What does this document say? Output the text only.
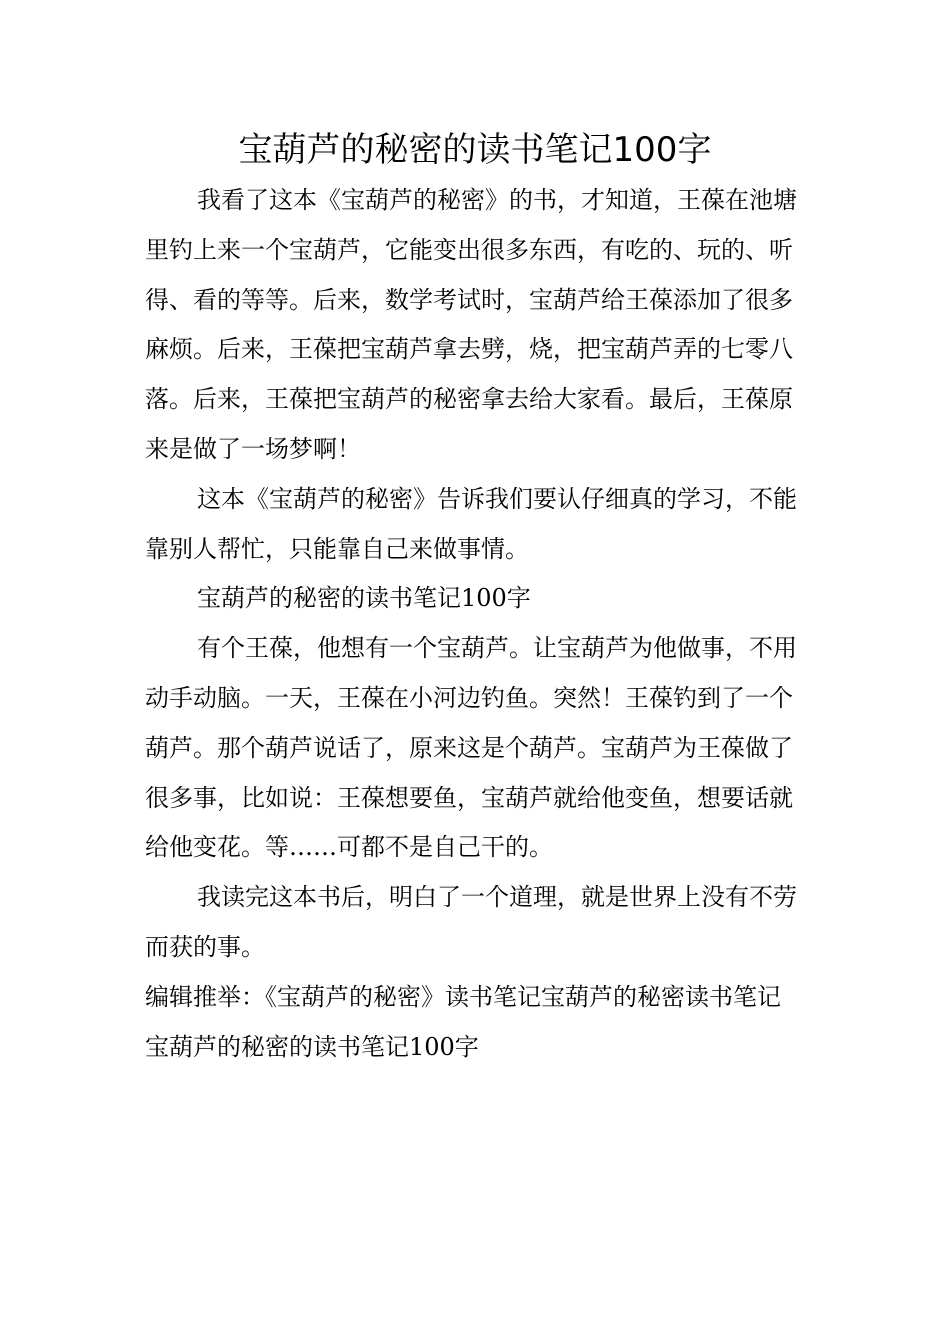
宝葫芦的秘密的读书笔记100字

我看了这本《宝葫芦的秘密》的书，才知道，王葆在池塘里钓上来一个宝葫芦，它能变出很多东西，有吃的、玩的、听得、看的等等。后来，数学考试时，宝葫芦给王葆添加了很多麻烦。后来，王葆把宝葫芦拿去劈，烧，把宝葫芦弄的七零八落。后来，王葆把宝葫芦的秘密拿去给大家看。最后，王葆原来是做了一场梦啊！

这本《宝葫芦的秘密》告诉我们要认仔细真的学习，不能靠别人帮忙，只能靠自己来做事情。

宝葫芦的秘密的读书笔记100字

有个王葆，他想有一个宝葫芦。让宝葫芦为他做事，不用动手动脑。一天，王葆在小河边钓鱼。突然！王葆钓到了一个葫芦。那个葫芦说话了，原来这是个葫芦。宝葫芦为王葆做了很多事，比如说：王葆想要鱼，宝葫芦就给他变鱼，想要话就给他变花。等……可都不是自己干的。

我读完这本书后，明白了一个道理，就是世界上没有不劳而获的事。

编辑推举：《宝葫芦的秘密》读书笔记宝葫芦的秘密读书笔记

宝葫芦的秘密的读书笔记100字
